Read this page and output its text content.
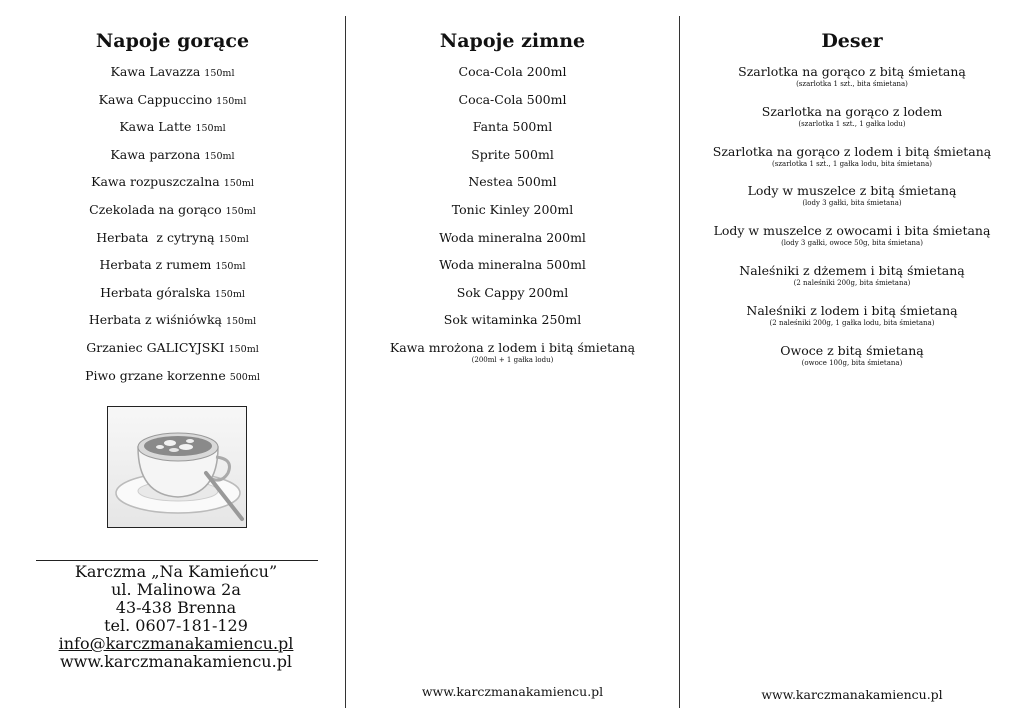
Napoje gorące
Kawa Lavazza 150ml
Kawa Cappuccino 150ml
Kawa Latte 150ml
Kawa parzona 150ml
Kawa rozpuszczalna 150ml
Czekolada na gorąco 150ml
Herbata  z cytryną 150ml
Herbata z rumem 150ml
Herbata góralska 150ml
Herbata z wiśniówką 150ml
Grzaniec GALICYJSKI 150ml
Piwo grzane korzenne 500ml
Karczma „Na Kamieńcu”
ul. Malinowa 2a
43-438 Brenna
tel. 0607-181-129
info@karczmanakamiencu.pl
www.karczmanakamiencu.pl
Napoje zimne
Coca-Cola 200ml
Coca-Cola 500ml
Fanta 500ml
Sprite 500ml
Nestea 500ml
Tonic Kinley 200ml
Woda mineralna 200ml
Woda mineralna 500ml
Sok Cappy 200ml
Sok witaminka 250ml
Kawa mrożona z lodem i bitą śmietaną
(200ml + 1 gałka lodu)
www.karczmanakamiencu.pl
Deser
Szarlotka na gorąco z bitą śmietaną
(szarlotka 1 szt., bita śmietana)
Szarlotka na gorąco z lodem
(szarlotka 1 szt., 1 gałka lodu)
Szarlotka na gorąco z lodem i bitą śmietaną
(szarlotka 1 szt., 1 gałka lodu, bita śmietana)
Lody w muszelce z bitą śmietaną
(lody 3 gałki, bita śmietana)
Lody w muszelce z owocami i bita śmietaną
(lody 3 gałki, owoce 50g, bita śmietana)
Naleśniki z dżemem i bitą śmietaną
(2 naleśniki 200g, bita śmietana)
Naleśniki z lodem i bitą śmietaną
(2 naleśniki 200g, 1 gałka lodu, bita śmietana)
Owoce z bitą śmietaną
(owoce 100g, bita śmietana)
www.karczmanakamiencu.pl
